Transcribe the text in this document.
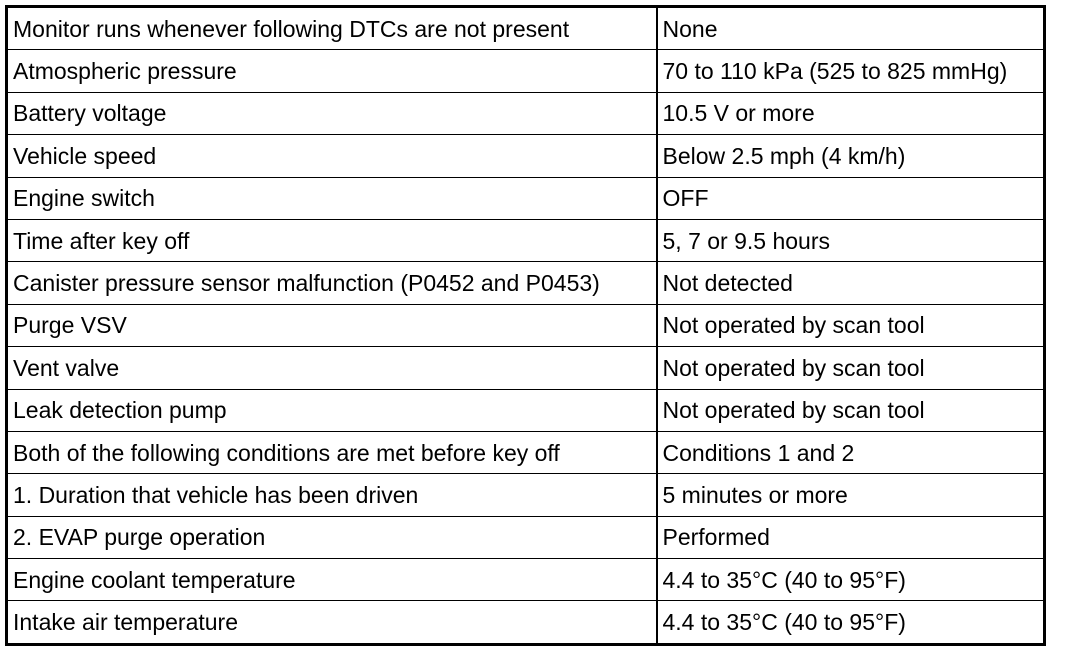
Monitor runs whenever following DTCs are not present	None
Atmospheric pressure	70 to 110 kPa (525 to 825 mmHg)
Battery voltage	10.5 V or more
Vehicle speed	Below 2.5 mph (4 km/h)
Engine switch	OFF
Time after key off	5, 7 or 9.5 hours
Canister pressure sensor malfunction (P0452 and P0453)	Not detected
Purge VSV	Not operated by scan tool
Vent valve	Not operated by scan tool
Leak detection pump	Not operated by scan tool
Both of the following conditions are met before key off	Conditions 1 and 2
1. Duration that vehicle has been driven	5 minutes or more
2. EVAP purge operation	Performed
Engine coolant temperature	4.4 to 35°C (40 to 95°F)
Intake air temperature	4.4 to 35°C (40 to 95°F)
